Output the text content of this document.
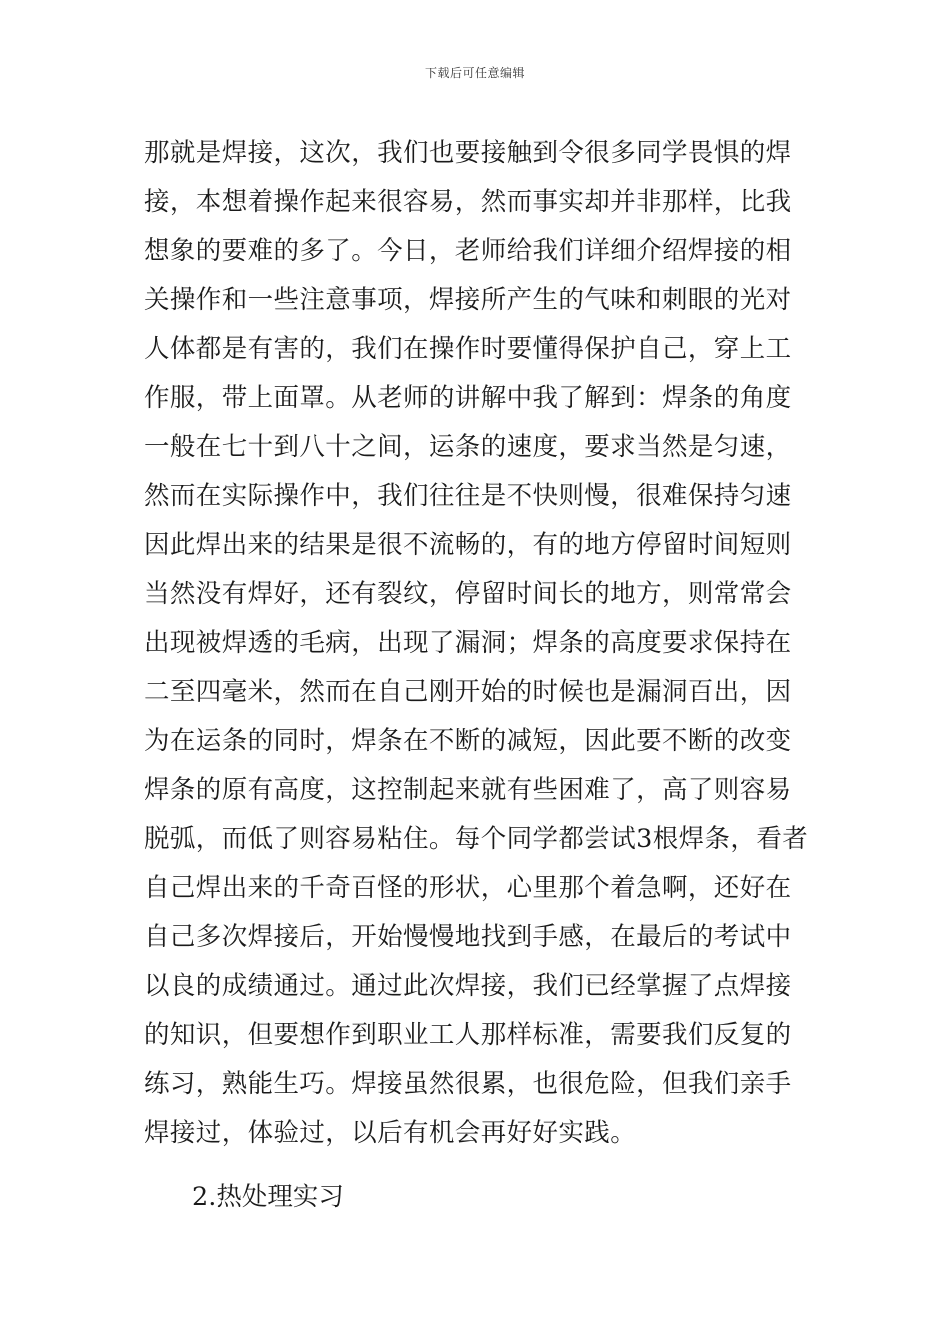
下载后可任意编辑
那就是焊接，这次，我们也要接触到令很多同学畏惧的焊
接，本想着操作起来很容易，然而事实却并非那样，比我
想象的要难的多了。今日，老师给我们详细介绍焊接的相
关操作和一些注意事项，焊接所产生的气味和刺眼的光对
人体都是有害的，我们在操作时要懂得保护自己，穿上工
作服，带上面罩。从老师的讲解中我了解到：焊条的角度
一般在七十到八十之间，运条的速度，要求当然是匀速，
然而在实际操作中，我们往往是不快则慢，很难保持匀速
因此焊出来的结果是很不流畅的，有的地方停留时间短则
当然没有焊好，还有裂纹，停留时间长的地方，则常常会
出现被焊透的毛病，出现了漏洞；焊条的高度要求保持在
二至四毫米，然而在自己刚开始的时候也是漏洞百出，因
为在运条的同时，焊条在不断的减短，因此要不断的改变
焊条的原有高度，这控制起来就有些困难了，高了则容易
脱弧，而低了则容易粘住。每个同学都尝试3根焊条，看者
自己焊出来的千奇百怪的形状，心里那个着急啊，还好在
自己多次焊接后，开始慢慢地找到手感，在最后的考试中
以良的成绩通过。通过此次焊接，我们已经掌握了点焊接
的知识，但要想作到职业工人那样标准，需要我们反复的
练习，熟能生巧。焊接虽然很累，也很危险，但我们亲手
焊接过，体验过，以后有机会再好好实践。
2.热处理实习
